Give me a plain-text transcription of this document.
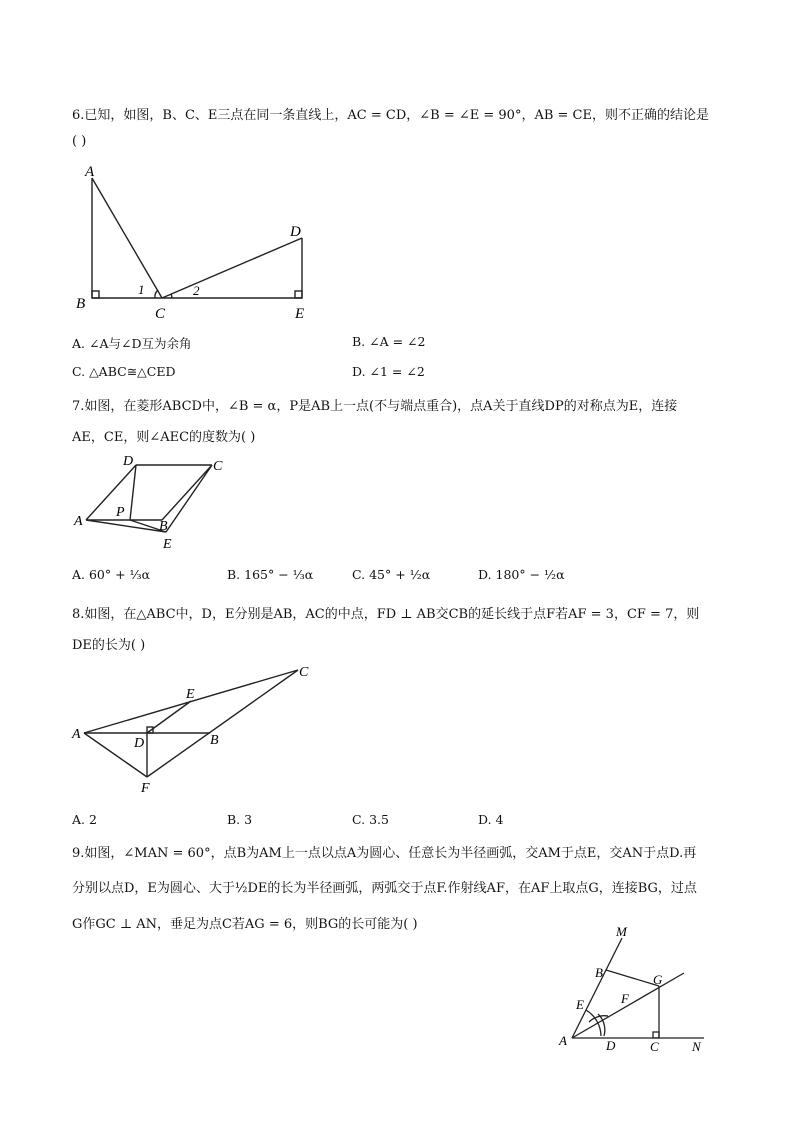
6.已知，如图，B、C、E三点在同一条直线上，AC = CD，∠B = ∠E = 90°，AB = CE，则不正确的结论是
( )
A
B
C
D
E
1	2
A. ∠A与∠D互为余角	B. ∠A = ∠2
C. △ABC≅△CED	D. ∠1 = ∠2
7.如图，在菱形ABCD中，∠B = α，P是AB上一点(不与端点重合)，点A关于直线DP的对称点为E，连接
AE，CE，则∠AEC的度数为( )
D	C
A
P
B
E
A. 60° + ⅓α	B. 165° − ⅓α	C. 45° + ½α	D. 180° − ½α
8.如图，在△ABC中，D，E分别是AB，AC的中点，FD ⊥ AB交CB的延长线于点F若AF = 3，CF = 7，则
DE的长为( )
A
E
C
D	B
F
A. 2	B. 3	C. 3.5	D. 4
9.如图，∠MAN = 60°，点B为AM上一点以点A为圆心、任意长为半径画弧，交AM于点E，交AN于点D.再
分别以点D，E为圆心、大于½DE的长为半径画弧，两弧交于点F.作射线AF，在AF上取点G，连接BG，过点
G作GC ⊥ AN，垂足为点C若AG = 6，则BG的长可能为( )	M
B	G
E	F
A	D	C	N
